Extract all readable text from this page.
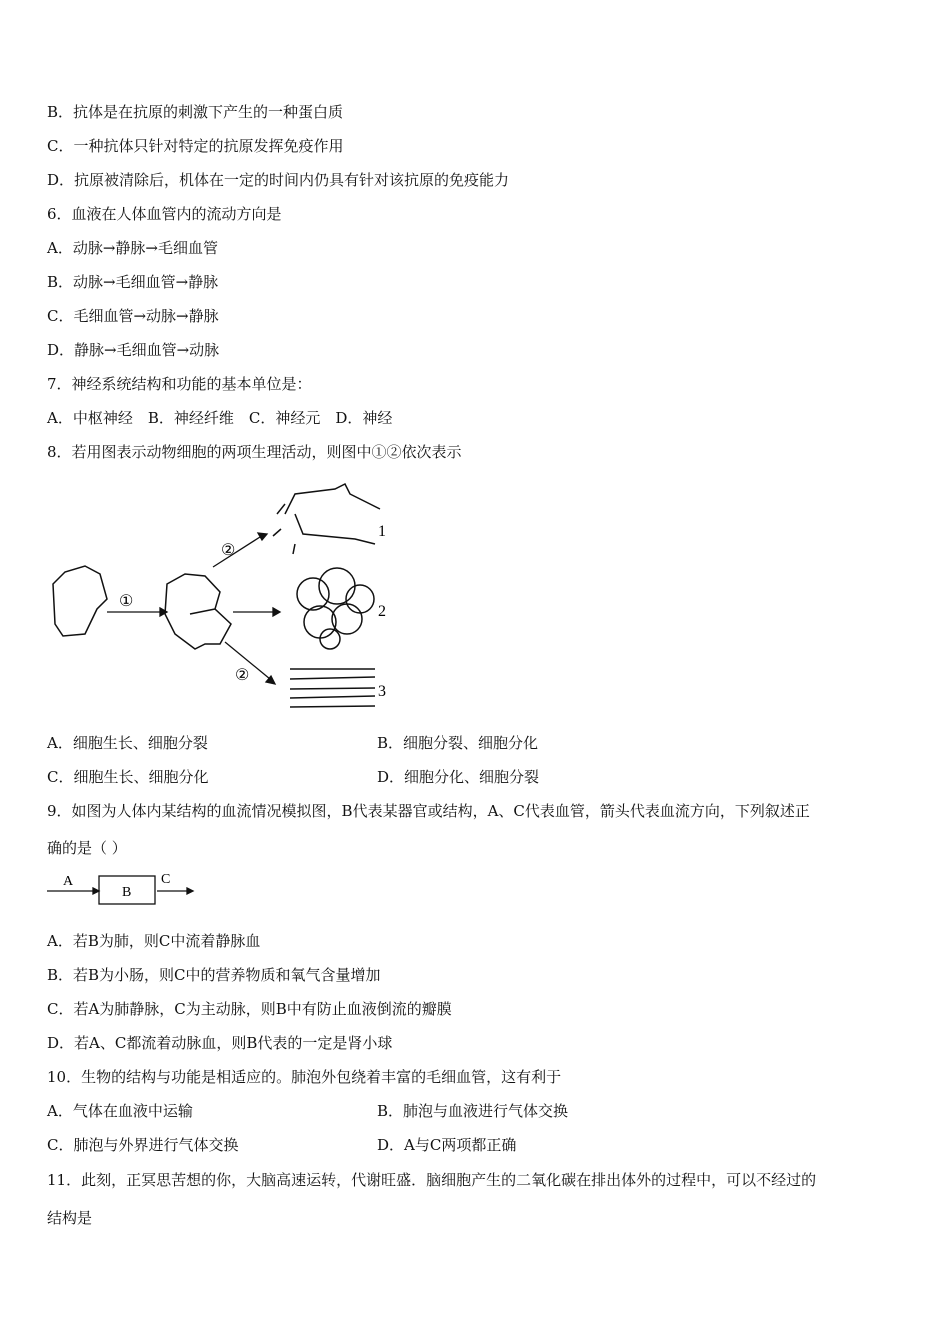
B．抗体是在抗原的刺激下产生的一种蛋白质
C．一种抗体只针对特定的抗原发挥免疫作用
D．抗原被清除后，机体在一定的时间内仍具有针对该抗原的免疫能力
6．血液在人体血管内的流动方向是
A．动脉→静脉→毛细血管
B．动脉→毛细血管→静脉
C．毛细血管→动脉→静脉
D．静脉→毛细血管→动脉
7．神经系统结构和功能的基本单位是：
A．中枢神经　B．神经纤维　C．神经元　D．神经
8．若用图表示动物细胞的两项生理活动，则图中①②依次表示
①
②
②
1
2
3
A．细胞生长、细胞分裂	B．细胞分裂、细胞分化
C．细胞生长、细胞分化	D．细胞分化、细胞分裂
9．如图为人体内某结构的血流情况模拟图，B代表某器官或结构，A、C代表血管，箭头代表血流方向，下列叙述正
确的是（ ）
A
B
C
A．若B为肺，则C中流着静脉血
B．若B为小肠，则C中的营养物质和氧气含量增加
C．若A为肺静脉，C为主动脉，则B中有防止血液倒流的瓣膜
D．若A、C都流着动脉血，则B代表的一定是肾小球
10．生物的结构与功能是相适应的。肺泡外包绕着丰富的毛细血管，这有利于
A．气体在血液中运输	B．肺泡与血液进行气体交换
C．肺泡与外界进行气体交换	D．A与C两项都正确
11．此刻，正冥思苦想的你，大脑高速运转，代谢旺盛．脑细胞产生的二氧化碳在排出体外的过程中，可以不经过的
结构是
